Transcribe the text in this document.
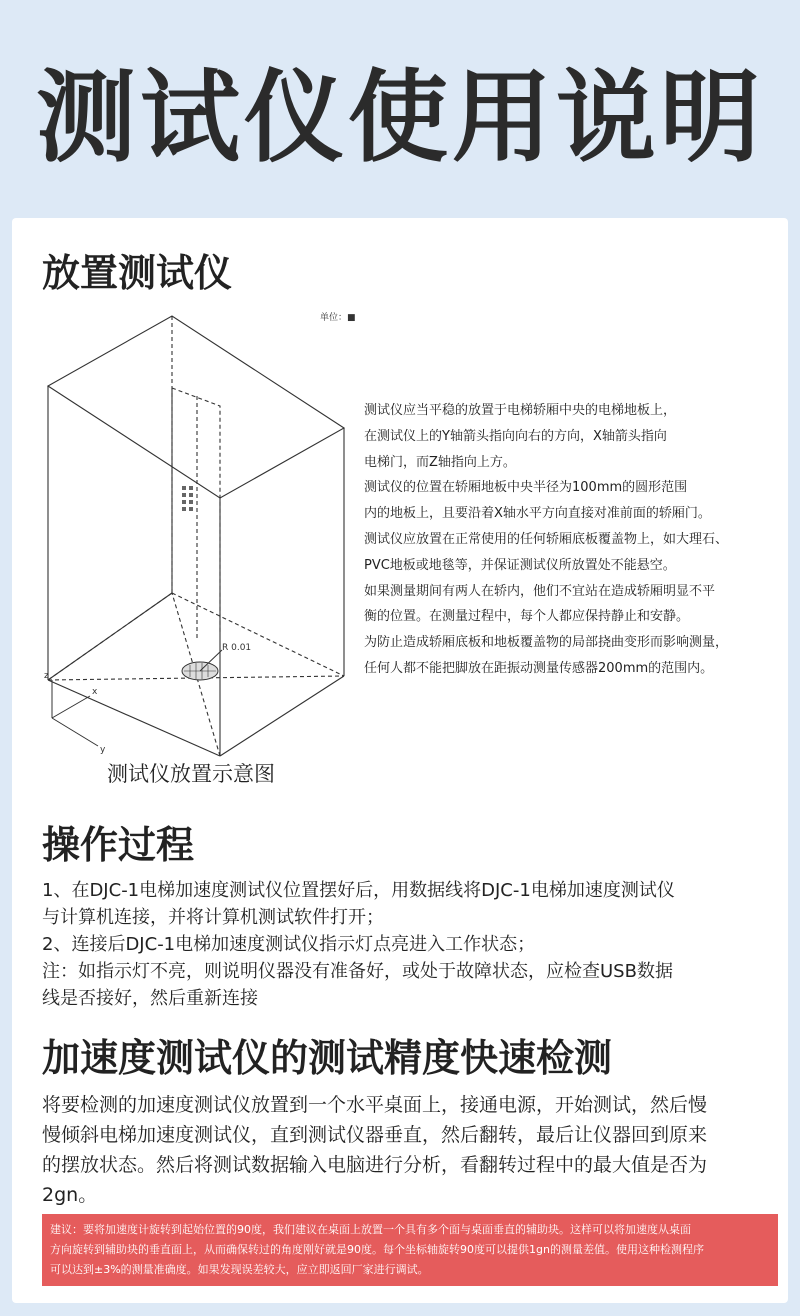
测试仪使用说明
放置测试仪
R 0.01
z
x
y
单位：■
测试仪放置示意图

测试仪应当平稳的放置于电梯轿厢中央的电梯地板上，

在测试仪上的Y轴箭头指向向右的方向，X轴箭头指向

电梯门，而Z轴指向上方。

测试仪的位置在轿厢地板中央半径为100mm的圆形范围

内的地板上，且要沿着X轴水平方向直接对准前面的轿厢门。

测试仪应放置在正常使用的任何轿厢底板覆盖物上，如大理石、

PVC地板或地毯等，并保证测试仪所放置处不能悬空。

如果测量期间有两人在轿内，他们不宜站在造成轿厢明显不平

衡的位置。在测量过程中，每个人都应保持静止和安静。

为防止造成轿厢底板和地板覆盖物的局部挠曲变形而影响测量，

任何人都不能把脚放在距振动测量传感器200mm的范围内。

操作过程
1、在DJC-1电梯加速度测试仪位置摆好后，用数据线将DJC-1电梯加速度测试仪
与计算机连接，并将计算机测试软件打开；
2、连接后DJC-1电梯加速度测试仪指示灯点亮进入工作状态；
注：如指示灯不亮，则说明仪器没有准备好，或处于故障状态，应检查USB数据
线是否接好，然后重新连接
加速度测试仪的测试精度快速检测
将要检测的加速度测试仪放置到一个水平桌面上，接通电源，开始测试，然后慢
慢倾斜电梯加速度测试仪，直到测试仪器垂直，然后翻转，最后让仪器回到原来
的摆放状态。然后将测试数据输入电脑进行分析，看翻转过程中的最大值是否为
2gn。
建议：要将加速度计旋转到起始位置的90度，我们建议在桌面上放置一个具有多个面与桌面垂直的辅助块。这样可以将加速度从桌面
方向旋转到辅助块的垂直面上，从而确保转过的角度刚好就是90度。每个坐标轴旋转90度可以提供1gn的测量差值。使用这种检测程序
可以达到±3%的测量准确度。如果发现误差较大，应立即返回厂家进行调试。
